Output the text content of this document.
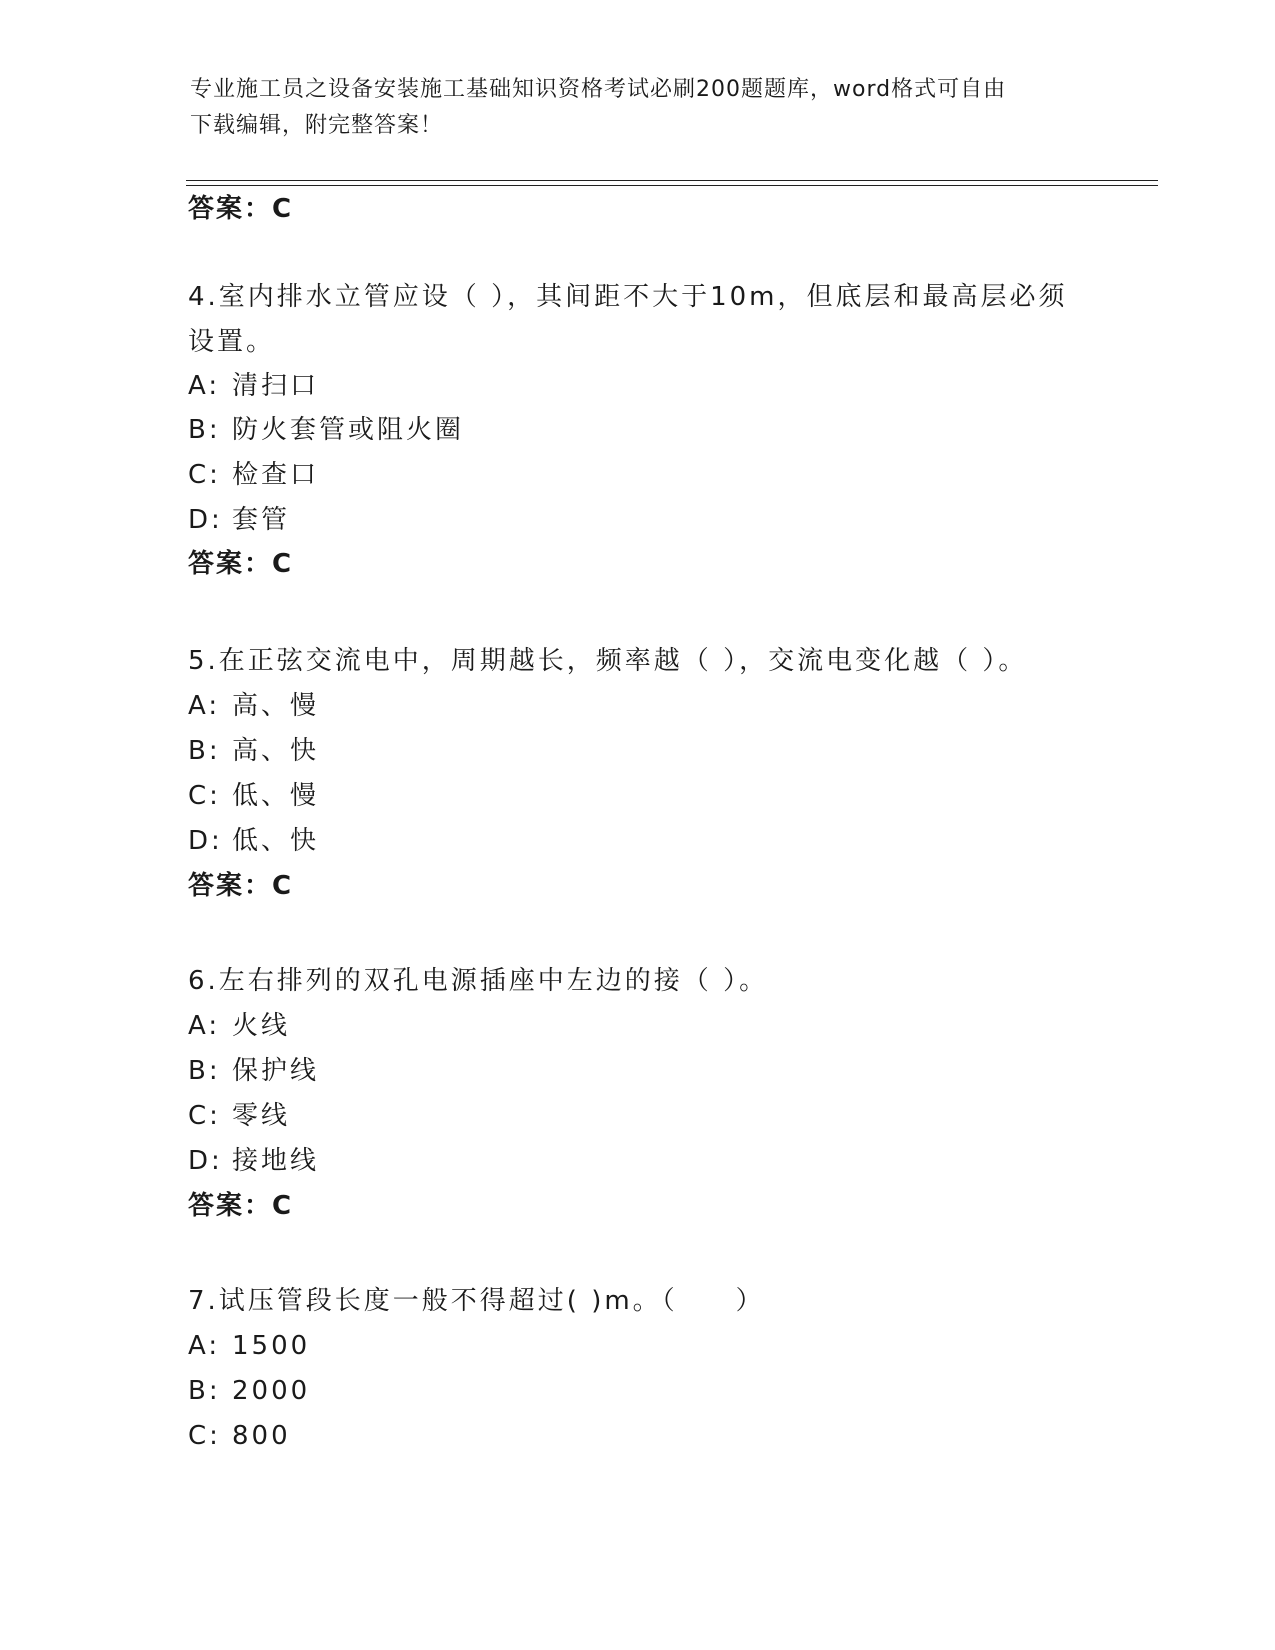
专业施工员之设备安装施工基础知识资格考试必刷200题题库，word格式可自由
下载编辑，附完整答案！
答案：C
4.室内排水立管应设（ ），其间距不大于10m，但底层和最高层必须
设置。
A: 清扫口
B: 防火套管或阻火圈
C: 检查口
D: 套管
答案：C
5.在正弦交流电中，周期越长，频率越（ ），交流电变化越（ ）。
A: 高、慢
B: 高、快
C: 低、慢
D: 低、快
答案：C
6.左右排列的双孔电源插座中左边的接（ ）。
A: 火线
B: 保护线
C: 零线
D: 接地线
答案：C
7.试压管段长度一般不得超过( )m。（　　）
A: 1500
B: 2000
C: 800
